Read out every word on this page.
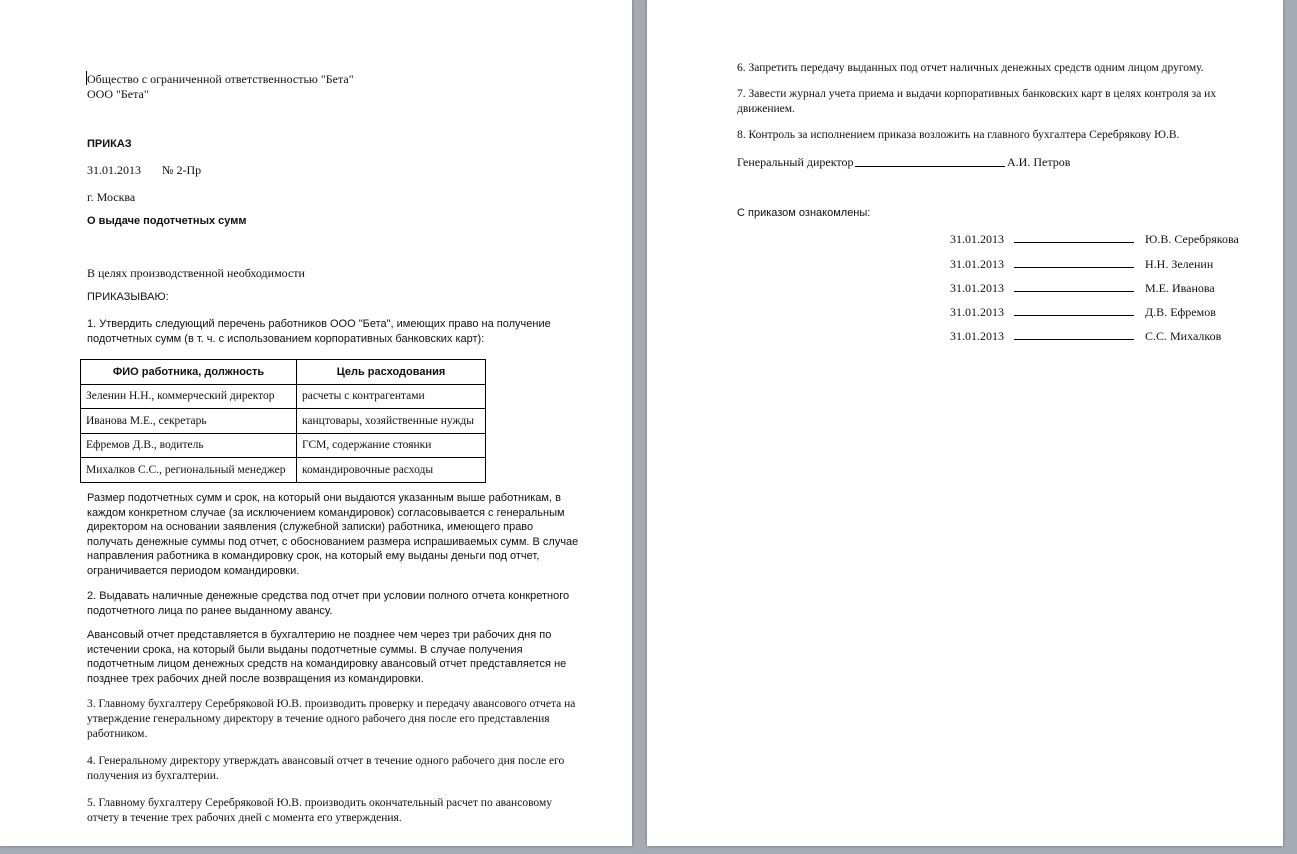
Общество с ограниченной ответственностью "Бета"
ООО "Бета"
ПРИКАЗ
31.01.2013 № 2-Пр
г. Москва
О выдаче подотчетных сумм
В целях производственной необходимости
ПРИКАЗЫВАЮ:
1. Утвердить следующий перечень работников ООО "Бета", имеющих право на получение подотчетных сумм (в т. ч. с использованием корпоративных банковских карт):
ФИО работника, должность	Цель расходования
Зеленин Н.Н., коммерческий директор	расчеты с контрагентами
Иванова М.Е., секретарь	канцтовары, хозяйственные нужды
Ефремов Д.В., водитель	ГСМ, содержание стоянки
Михалков С.С., региональный менеджер	командировочные расходы
Размер подотчетных сумм и срок, на который они выдаются указанным выше работникам, в каждом конкретном случае (за исключением командировок) согласовывается с генеральным директором на основании заявления (служебной записки) работника, имеющего право получать денежные суммы под отчет, с обоснованием размера испрашиваемых сумм. В случае направления работника в командировку срок, на который ему выданы деньги под отчет, ограничивается периодом командировки.
2. Выдавать наличные денежные средства под отчет при условии полного отчета конкретного подотчетного лица по ранее выданному авансу.
Авансовый отчет представляется в бухгалтерию не позднее чем через три рабочих дня по истечении срока, на который были выданы подотчетные суммы. В случае получения подотчетным лицом денежных средств на командировку авансовый отчет представляется не позднее трех рабочих дней после возвращения из командировки.
3. Главному бухгалтеру Серебряковой Ю.В. производить проверку и передачу авансового отчета на утверждение генеральному директору в течение одного рабочего дня после его представления работником.
4. Генеральному директору утверждать авансовый отчет в течение одного рабочего дня после его получения из бухгалтерии.
5. Главному бухгалтеру Серебряковой Ю.В. производить окончательный расчет по авансовому отчету в течение трех рабочих дней с момента его утверждения.
6. Запретить передачу выданных под отчет наличных денежных средств одним лицом другому.
7. Завести журнал учета приема и выдачи корпоративных банковских карт в целях контроля за их движением.
8. Контроль за исполнением приказа возложить на главного бухгалтера Серебрякову Ю.В.
Генеральный директор	А.И. Петров
С приказом ознакомлены:
31.01.2013	Ю.В. Серебрякова
31.01.2013	Н.Н. Зеленин
31.01.2013	М.Е. Иванова
31.01.2013	Д.В. Ефремов
31.01.2013	С.С. Михалков
